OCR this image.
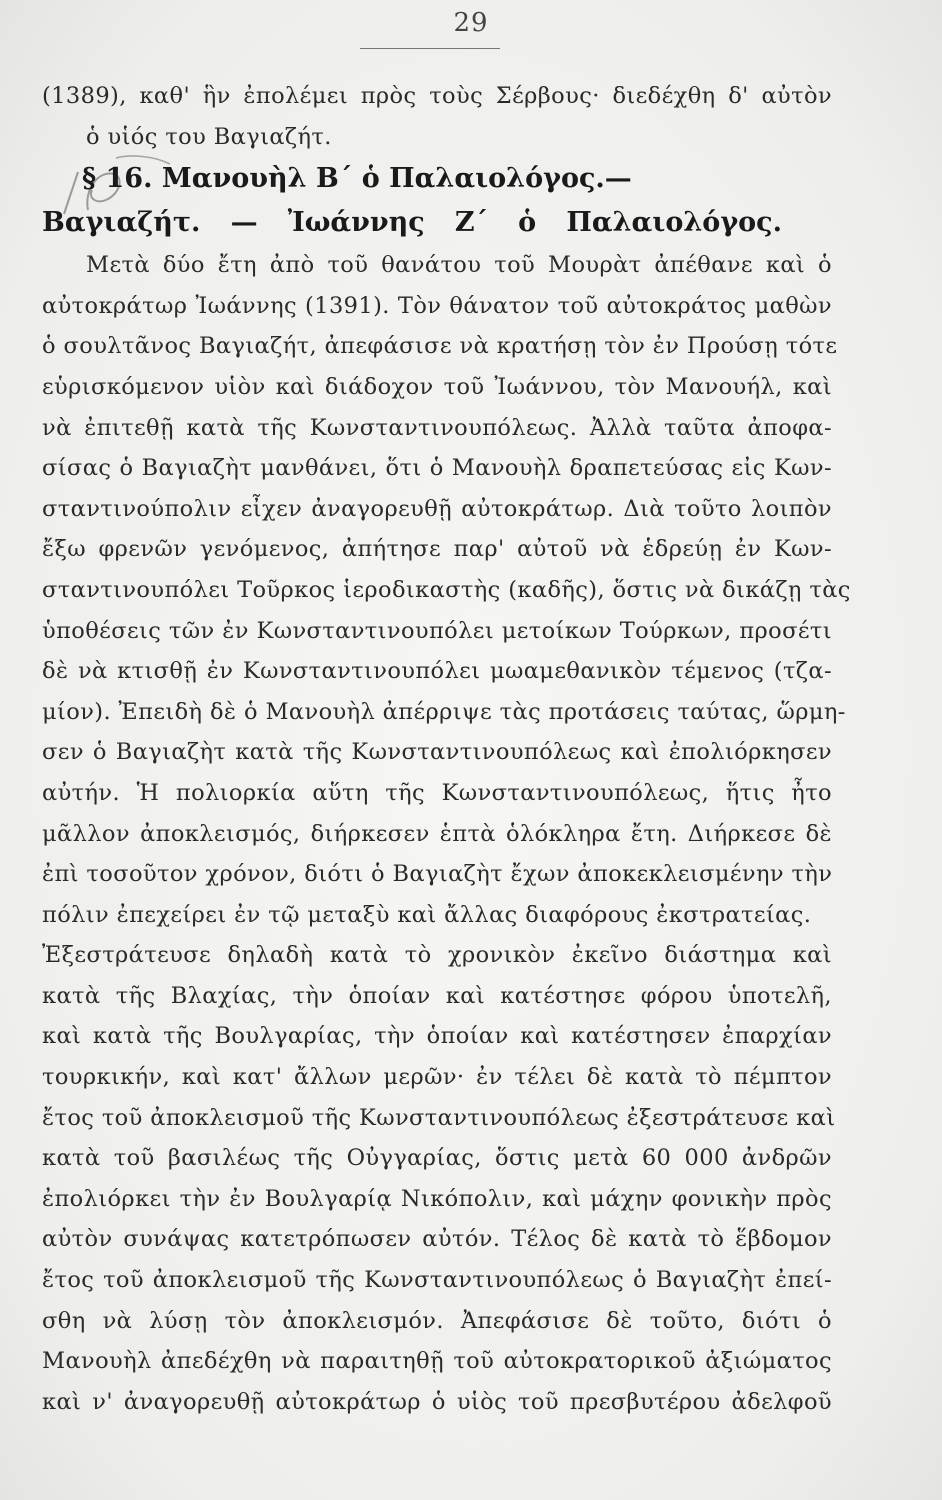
29
(1389), καθ' ἣν ἐπολέμει πρὸς τοὺς Σέρβους· διεδέχθη δ' αὐτὸν
ὁ υἱός του Βαγιαζήτ.
§ 16. Μανουὴλ Β΄ ὁ Παλαιολόγος.—
Βαγιαζήτ. — Ἰωάννης Ζ΄ ὁ Παλαιολόγος.
Μετὰ δύο ἔτη ἀπὸ τοῦ θανάτου τοῦ Μουρὰτ ἀπέθανε καὶ ὁ
αὐτοκράτωρ Ἰωάννης (1391). Τὸν θάνατον τοῦ αὐτοκράτος μαθὼν
ὁ σουλτᾶνος Βαγιαζήτ, ἀπεφάσισε νὰ κρατήσῃ τὸν ἐν Προύσῃ τότε
εὑρισκόμενον υἱὸν καὶ διάδοχον τοῦ Ἰωάννου, τὸν Μανουήλ, καὶ
νὰ ἐπιτεθῇ κατὰ τῆς Κωνσταντινουπόλεως. Ἀλλὰ ταῦτα ἀποφα-
σίσας ὁ Βαγιαζὴτ μανθάνει, ὅτι ὁ Μανουὴλ δραπετεύσας εἰς Κων-
σταντινούπολιν εἶχεν ἀναγορευθῇ αὐτοκράτωρ. Διὰ τοῦτο λοιπὸν
ἔξω φρενῶν γενόμενος, ἀπήτησε παρ' αὐτοῦ νὰ ἑδρεύῃ ἐν Κων-
σταντινουπόλει Τοῦρκος ἱεροδικαστὴς (καδῆς), ὅστις νὰ δικάζῃ τὰς
ὑποθέσεις τῶν ἐν Κωνσταντινουπόλει μετοίκων Τούρκων, προσέτι
δὲ νὰ κτισθῇ ἐν Κωνσταντινουπόλει μωαμεθανικὸν τέμενος (τζα-
μίον). Ἐπειδὴ δὲ ὁ Μανουὴλ ἀπέρριψε τὰς προτάσεις ταύτας, ὥρμη-
σεν ὁ Βαγιαζὴτ κατὰ τῆς Κωνσταντινουπόλεως καὶ ἐπολιόρκησεν
αὐτήν. Ἡ πολιορκία αὕτη τῆς Κωνσταντινουπόλεως, ἥτις ἦτο
μᾶλλον ἀποκλεισμός, διήρκεσεν ἑπτὰ ὁλόκληρα ἔτη. Διήρκεσε δὲ
ἐπὶ τοσοῦτον χρόνον, διότι ὁ Βαγιαζὴτ ἔχων ἀποκεκλεισμένην τὴν
πόλιν ἐπεχείρει ἐν τῷ μεταξὺ καὶ ἄλλας διαφόρους ἐκστρατείας.
Ἐξεστράτευσε δηλαδὴ κατὰ τὸ χρονικὸν ἐκεῖνο διάστημα καὶ
κατὰ τῆς Βλαχίας, τὴν ὁποίαν καὶ κατέστησε φόρου ὑποτελῆ,
καὶ κατὰ τῆς Βουλγαρίας, τὴν ὁποίαν καὶ κατέστησεν ἐπαρχίαν
τουρκικήν, καὶ κατ' ἄλλων μερῶν· ἐν τέλει δὲ κατὰ τὸ πέμπτον
ἔτος τοῦ ἀποκλεισμοῦ τῆς Κωνσταντινουπόλεως ἐξεστράτευσε καὶ
κατὰ τοῦ βασιλέως τῆς Οὐγγαρίας, ὅστις μετὰ 60 000 ἀνδρῶν
ἐπολιόρκει τὴν ἐν Βουλγαρίᾳ Νικόπολιν, καὶ μάχην φονικὴν πρὸς
αὐτὸν συνάψας κατετρόπωσεν αὐτόν. Τέλος δὲ κατὰ τὸ ἕβδομον
ἔτος τοῦ ἀποκλεισμοῦ τῆς Κωνσταντινουπόλεως ὁ Βαγιαζὴτ ἐπεί-
σθη νὰ λύσῃ τὸν ἀποκλεισμόν. Ἀπεφάσισε δὲ τοῦτο, διότι ὁ
Μανουὴλ ἀπεδέχθη νὰ παραιτηθῇ τοῦ αὐτοκρατορικοῦ ἀξιώματος
καὶ ν' ἀναγορευθῇ αὐτοκράτωρ ὁ υἱὸς τοῦ πρεσβυτέρου ἀδελφοῦ
